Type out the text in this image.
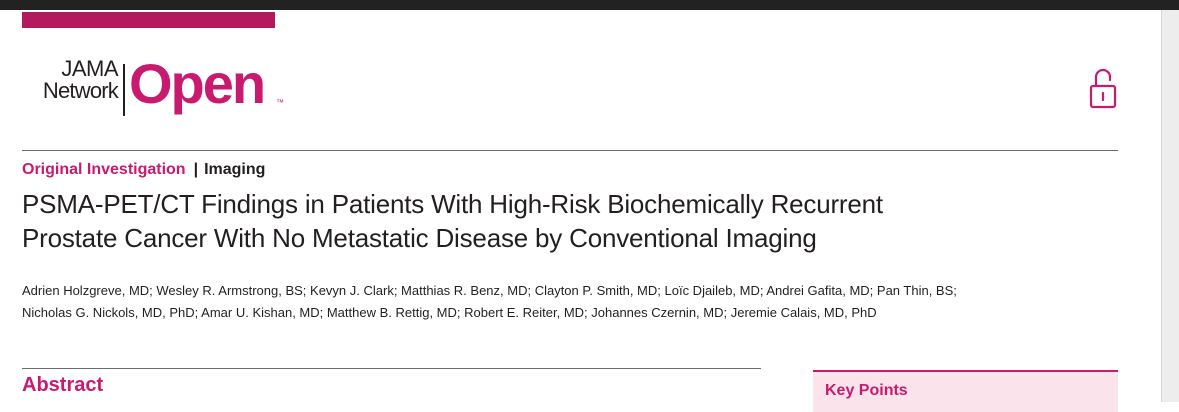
JAMA
Network Open ™
Original Investigation | Imaging
PSMA-PET/CT Findings in Patients With High-Risk Biochemically Recurrent
Prostate Cancer With No Metastatic Disease by Conventional Imaging
Adrien Holzgreve, MD; Wesley R. Armstrong, BS; Kevyn J. Clark; Matthias R. Benz, MD; Clayton P. Smith, MD; Loïc Djaileb, MD; Andrei Gafita, MD; Pan Thin, BS;
Nicholas G. Nickols, MD, PhD; Amar U. Kishan, MD; Matthew B. Rettig, MD; Robert E. Reiter, MD; Johannes Czernin, MD; Jeremie Calais, MD, PhD
Abstract	Key Points
